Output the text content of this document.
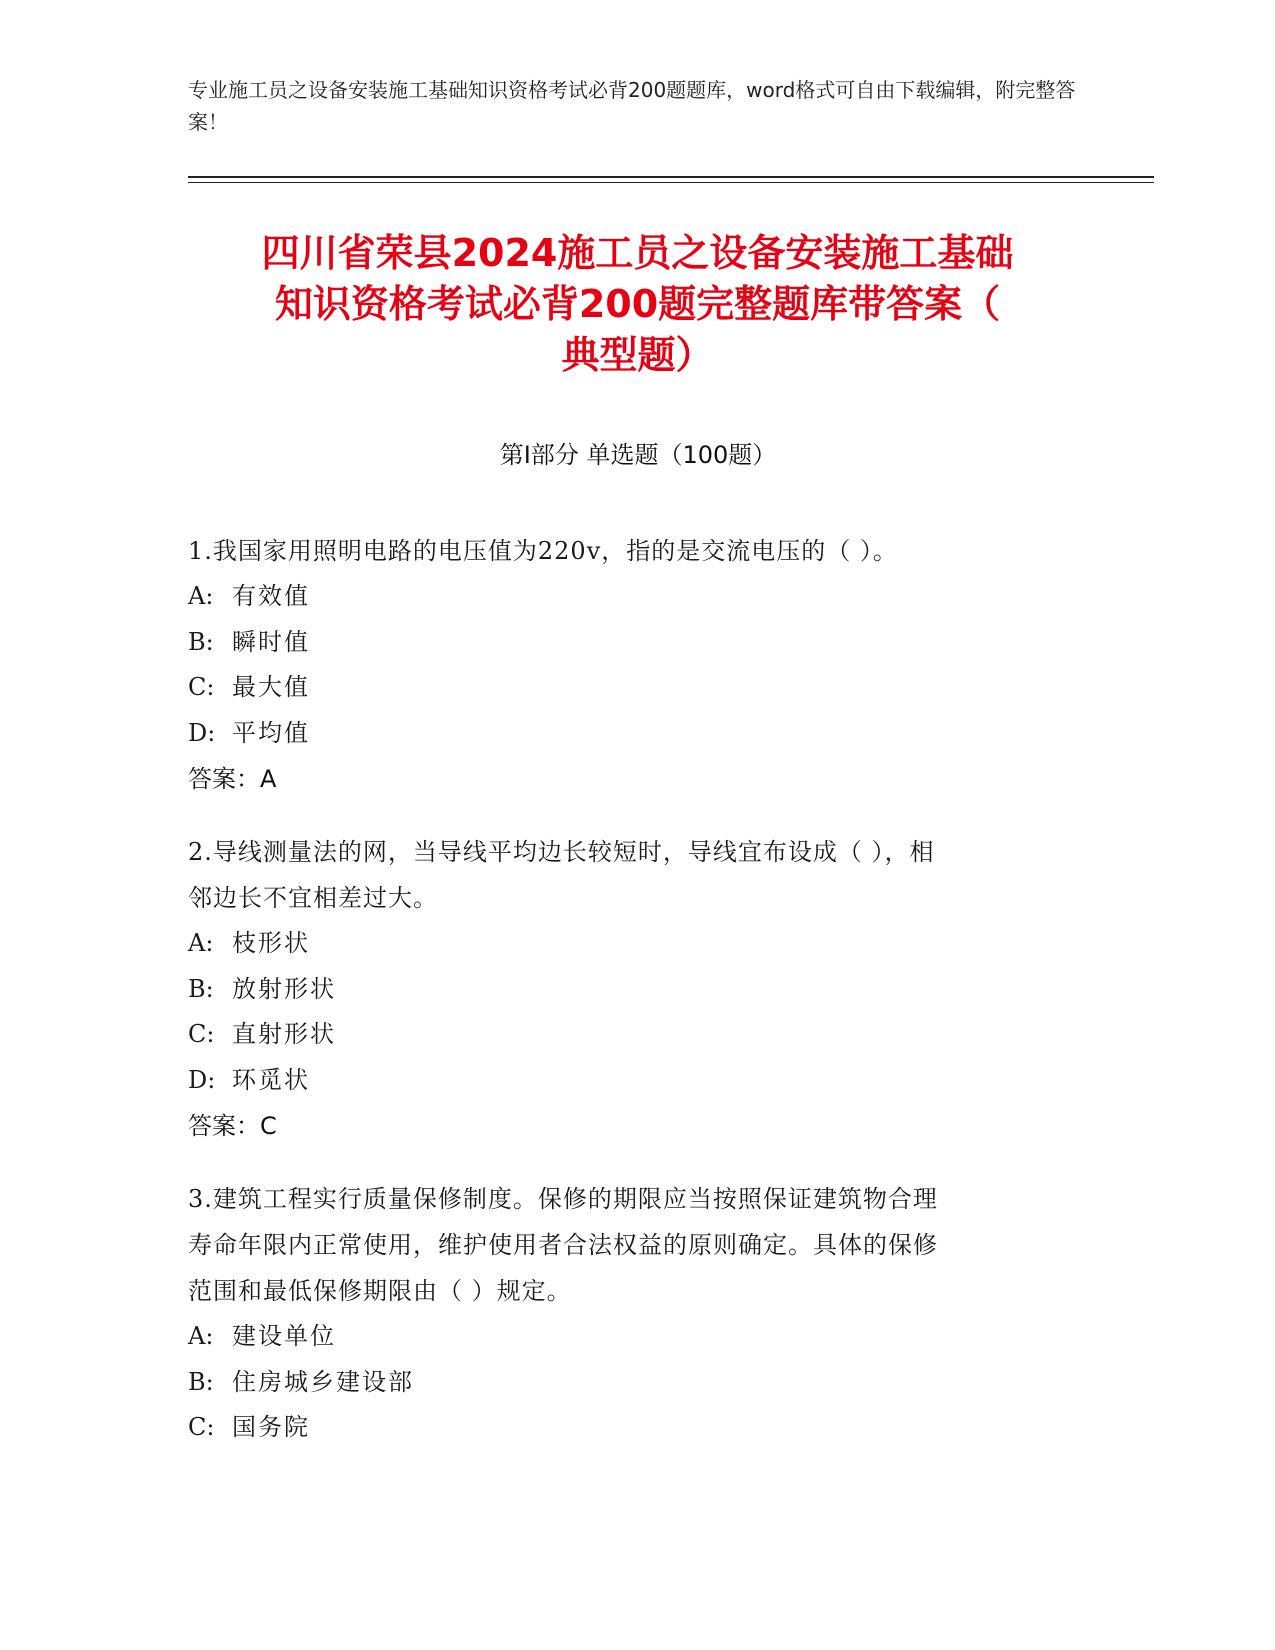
专业施工员之设备安装施工基础知识资格考试必背200题题库，word格式可自由下载编辑，附完整答案！
四川省荣县2024施工员之设备安装施工基础
知识资格考试必背200题完整题库带答案（
典型题）
第Ⅰ部分 单选题（100题）

1.我国家用照明电路的电压值为220v，指的是交流电压的（ ）。

A: 有效值

B: 瞬时值

C: 最大值

D: 平均值

答案：A

2.导线测量法的网，当导线平均边长较短时，导线宜布设成（ ），相

邻边长不宜相差过大。

A: 枝形状

B: 放射形状

C: 直射形状

D: 环觅状

答案：C

3.建筑工程实行质量保修制度。保修的期限应当按照保证建筑物合理

寿命年限内正常使用，维护使用者合法权益的原则确定。具体的保修

范围和最低保修期限由（ ）规定。

A: 建设单位

B: 住房城乡建设部

C: 国务院
